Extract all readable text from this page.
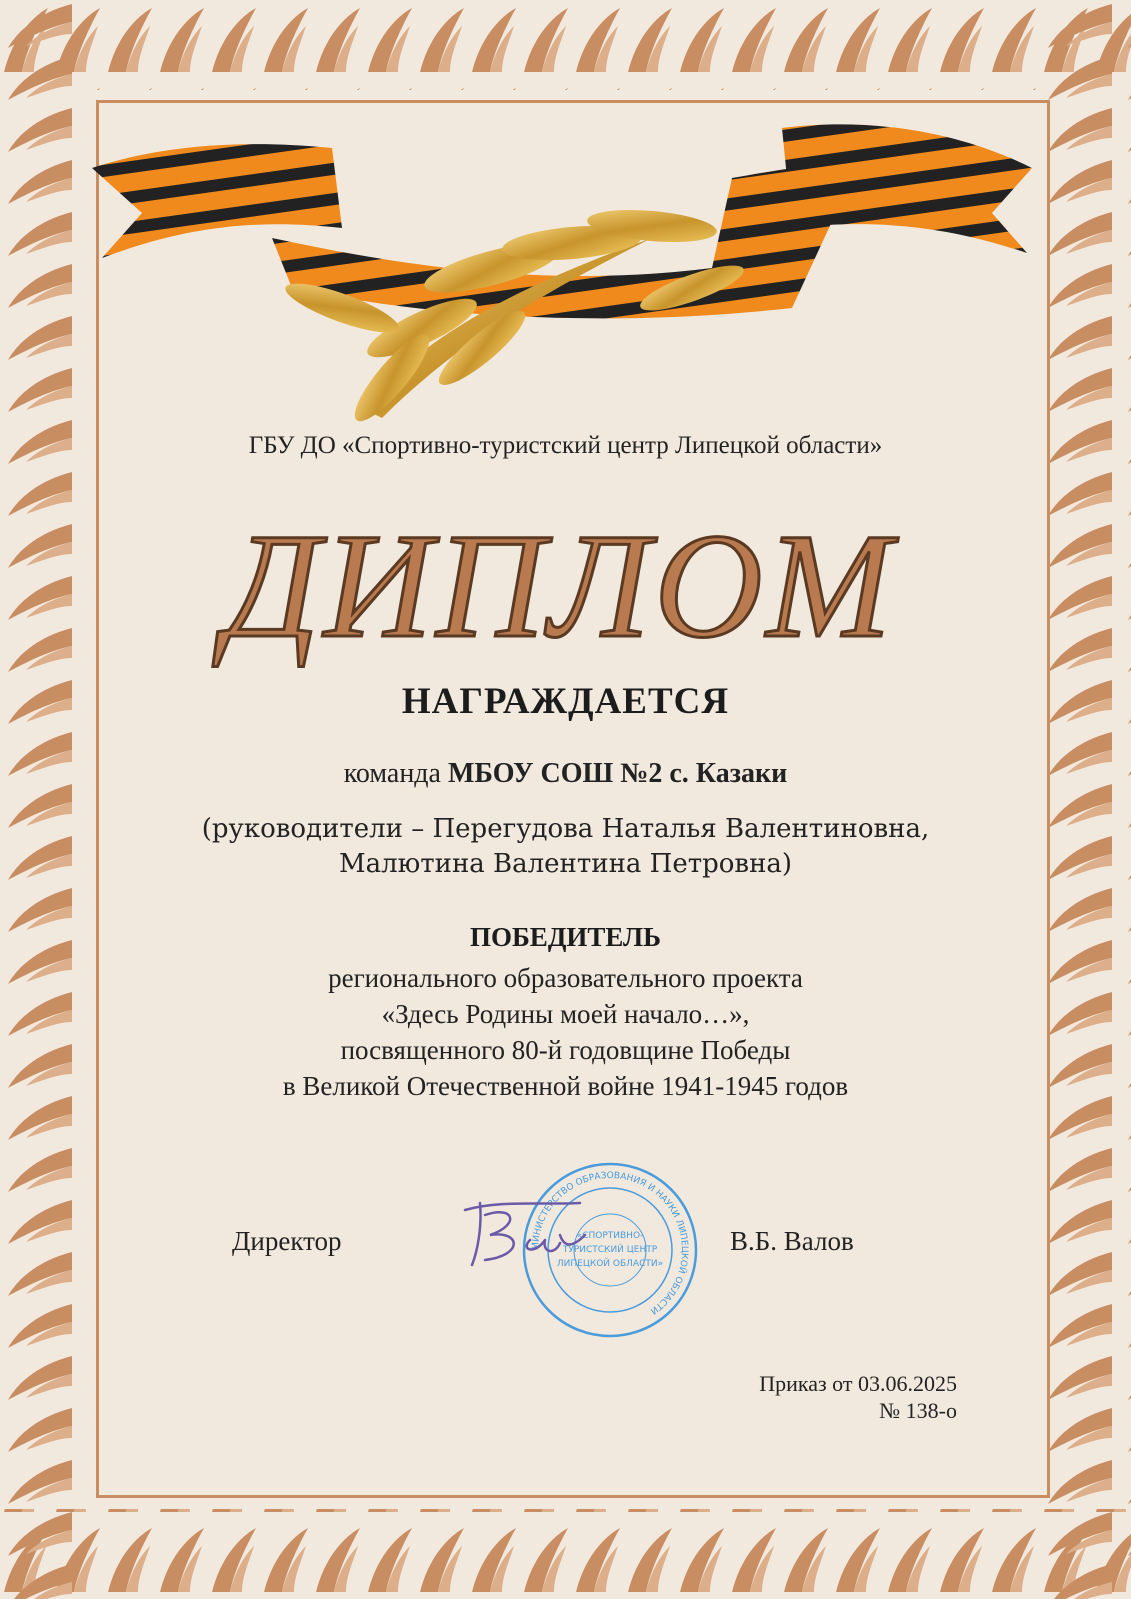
ГБУ ДО «Спортивно-туристский центр Липецкой области»
ДИПЛОМ
НАГРАЖДАЕТСЯ
команда МБОУ СОШ №2 с. Казаки
(руководители – Перегудова Наталья Валентиновна,
Малютина Валентина Петровна)
ПОБЕДИТЕЛЬ
регионального образовательного проекта
«Здесь Родины моей начало…»,
посвященного 80-й годовщине Победы
в Великой Отечественной войне 1941-1945 годов
Директор	МИНИСТЕРСТВО ОБРАЗОВАНИЯ И НАУКИ ЛИПЕЦКОЙ ОБЛАСТИ
«СПОРТИВНО-
ТУРИСТСКИЙ ЦЕНТР
ЛИПЕЦКОЙ ОБЛАСТИ»
В.Б. Валов
Приказ от 03.06.2025
№ 138-о
